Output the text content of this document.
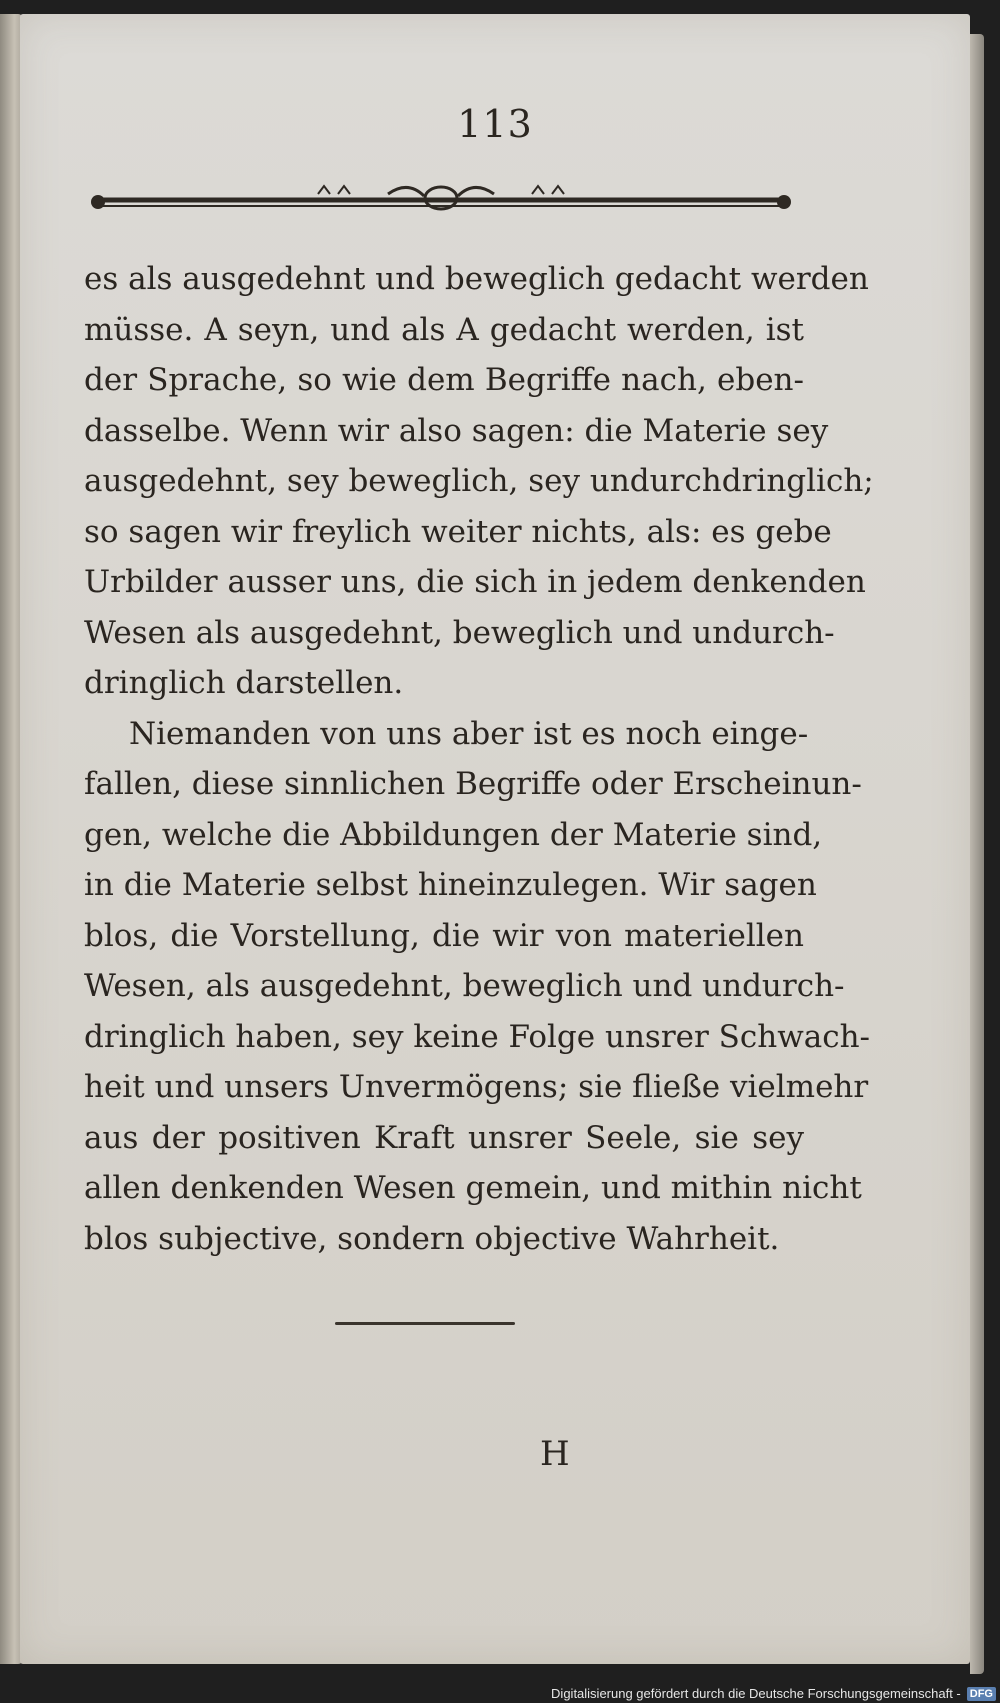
113

es als ausgedehnt und beweglich gedacht werden
müsse. A seyn, und als A gedacht werden, ist
der Sprache, so wie dem Begriffe nach, eben-
dasselbe. Wenn wir also sagen: die Materie sey
ausgedehnt, sey beweglich, sey undurchdringlich;
so sagen wir freylich weiter nichts, als: es gebe
Urbilder ausser uns, die sich in jedem denkenden
Wesen als ausgedehnt, beweglich und undurch-
dringlich darstellen.

Niemanden von uns aber ist es noch einge-
fallen, diese sinnlichen Begriffe oder Erscheinun-
gen, welche die Abbildungen der Materie sind,
in die Materie selbst hineinzulegen. Wir sagen
blos, die Vorstellung, die wir von materiellen
Wesen, als ausgedehnt, beweglich und undurch-
dringlich haben, sey keine Folge unsrer Schwach-
heit und unsers Unvermögens; sie fließe vielmehr
aus der positiven Kraft unsrer Seele, sie sey
allen denkenden Wesen gemein, und mithin nicht
blos subjective, sondern objective Wahrheit.

H
Digitalisierung gefördert durch die Deutsche Forschungsgemeinschaft - DFG
